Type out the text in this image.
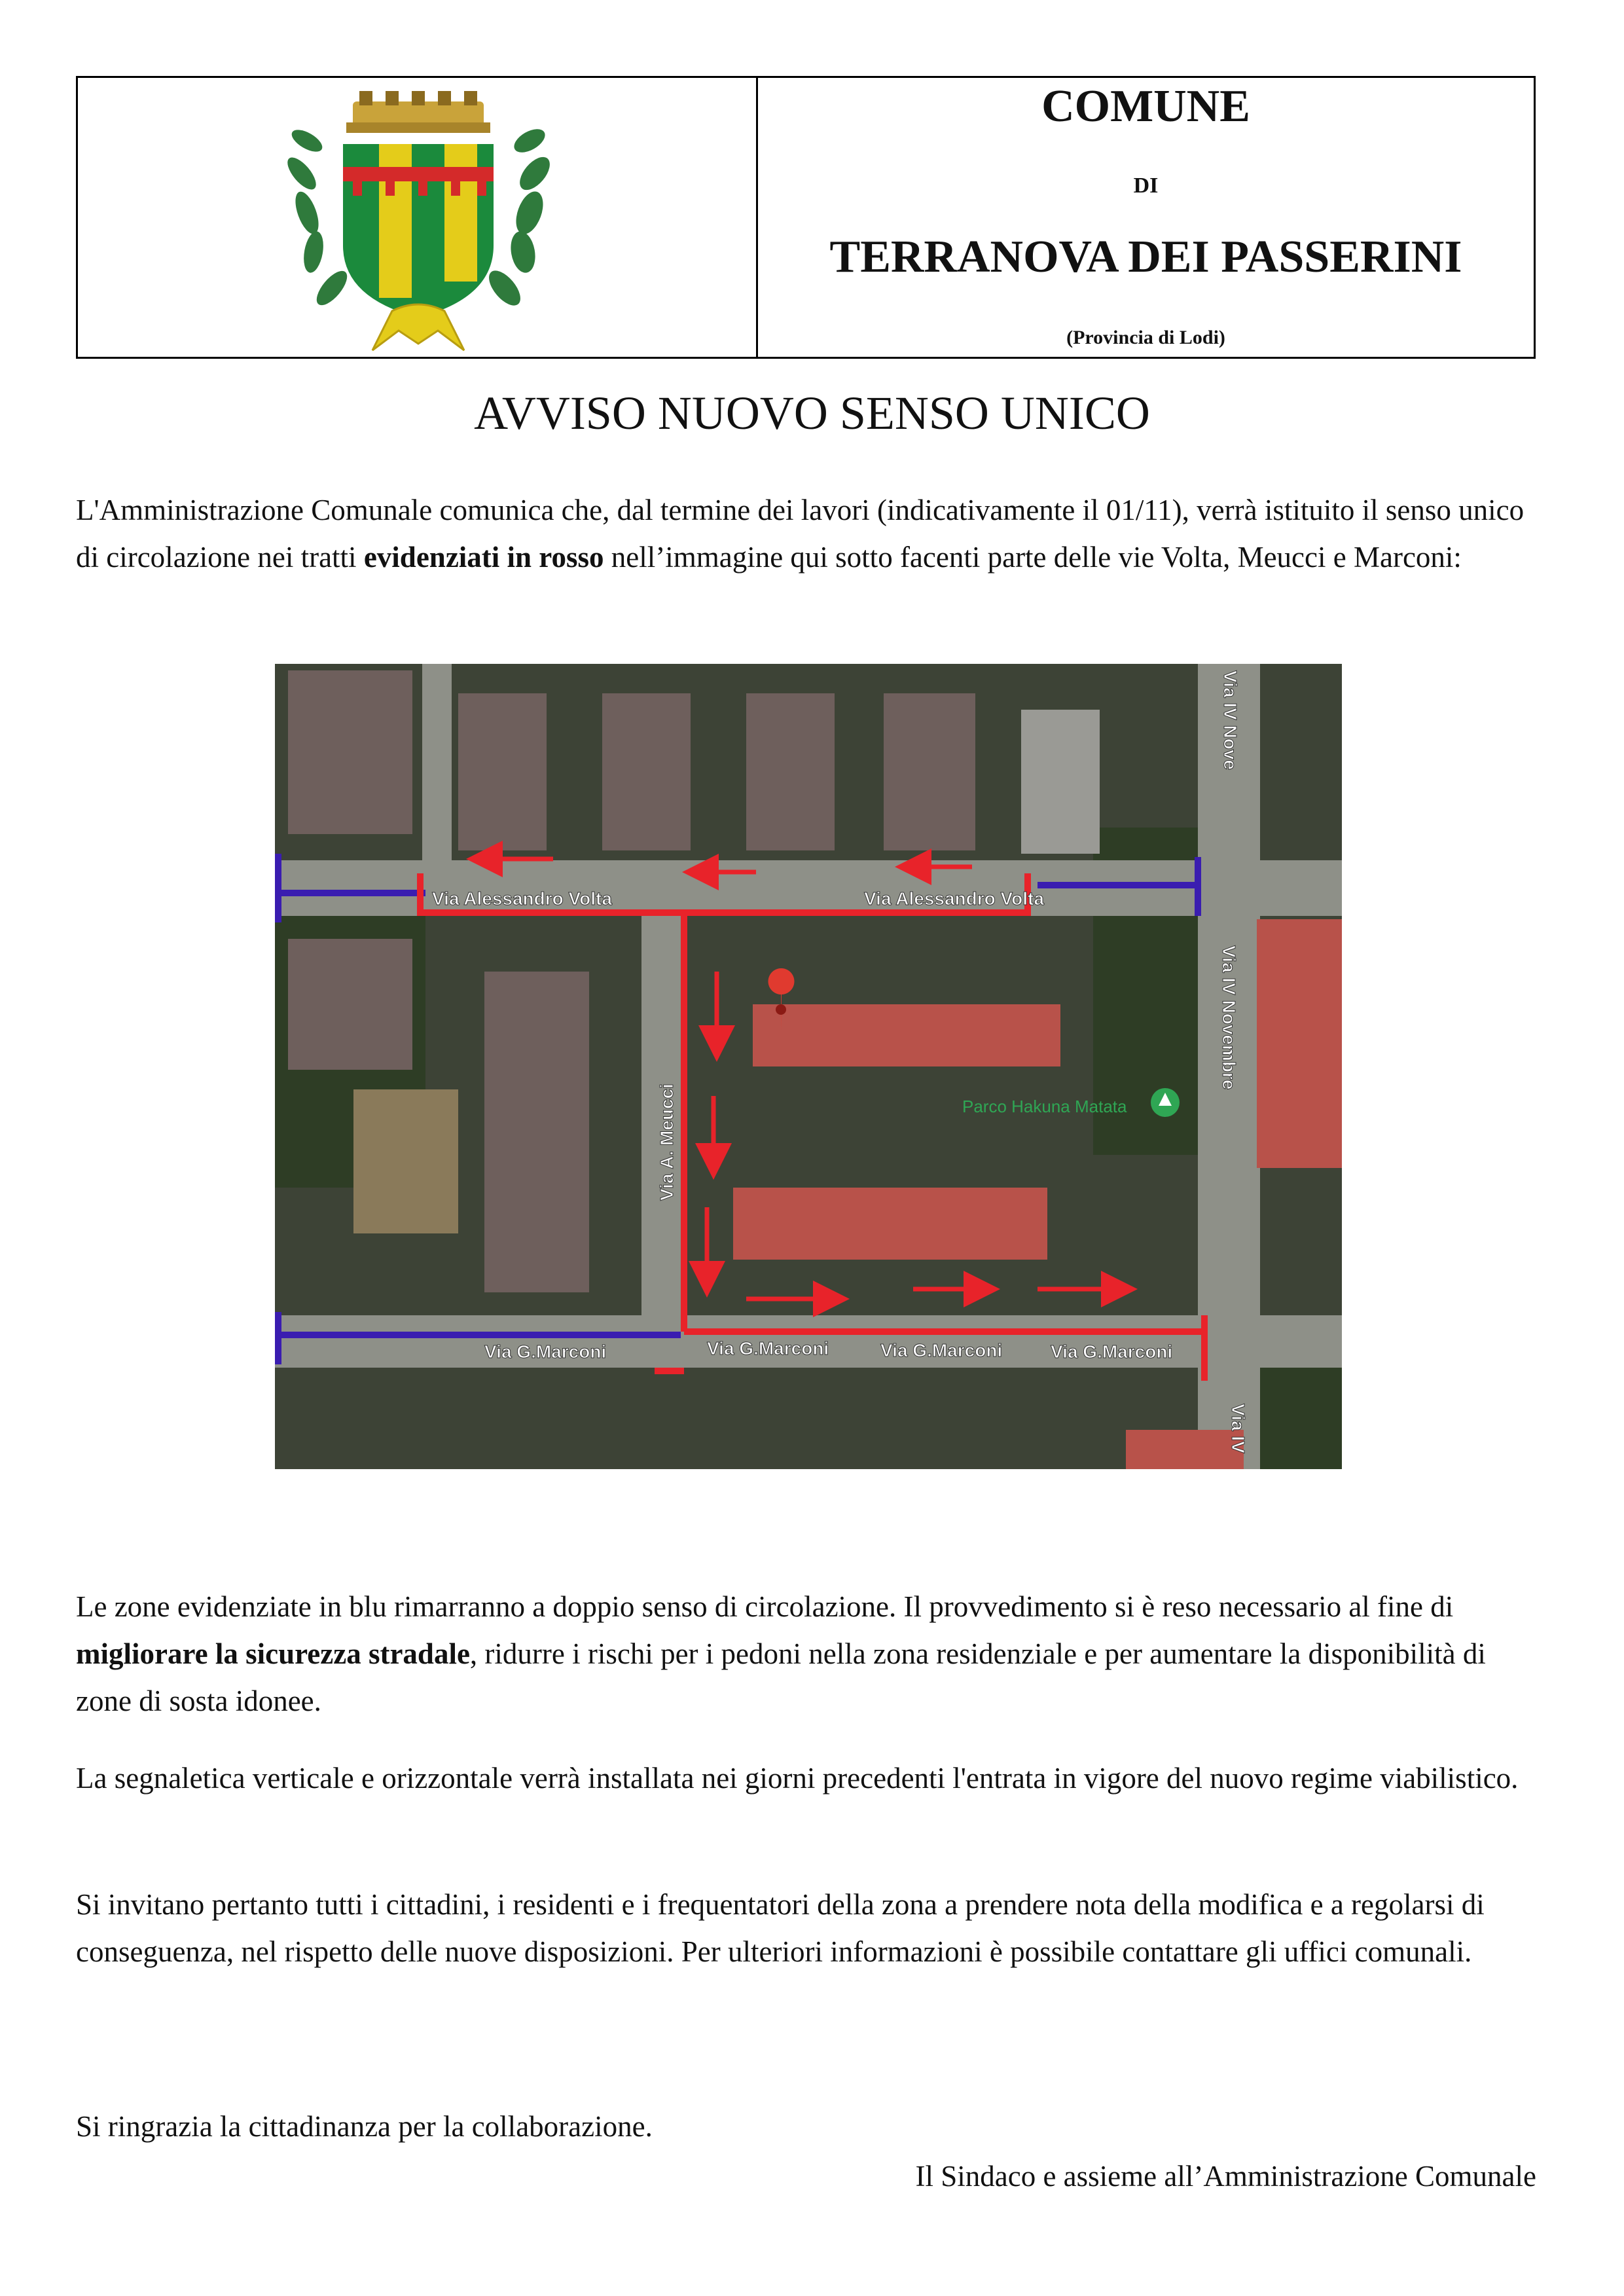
COMUNE
DI
TERRANOVA DEI PASSERINI
(Provincia di Lodi)
AVVISO NUOVO SENSO UNICO
L'Amministrazione Comunale comunica che, dal termine dei lavori (indicativamente il 01/11), verrà istituito il senso unico di circolazione nei tratti evidenziati in rosso nell’immagine qui sotto facenti parte delle vie Volta, Meucci e Marconi:
Via Alessandro Volta	Via Alessandro Volta
Via A. Meucci
Via G.Marconi	Via G.Marconi	Via G.Marconi	Via G.Marconi
Via IV Nove
Via IV Novembre
Via IV
Parco Hakuna Matata
Le zone evidenziate in blu rimarranno a doppio senso di circolazione. Il provvedimento si è reso necessario al fine di migliorare la sicurezza stradale, ridurre i rischi per i pedoni nella zona residenziale e per aumentare la disponibilità di zone di sosta idonee.
La segnaletica verticale e orizzontale verrà installata nei giorni precedenti l'entrata in vigore del nuovo regime viabilistico.
Si invitano pertanto tutti i cittadini, i residenti e i frequentatori della zona a prendere nota della modifica e a regolarsi di conseguenza, nel rispetto delle nuove disposizioni. Per ulteriori informazioni è possibile contattare gli uffici comunali.
Si ringrazia la cittadinanza per la collaborazione.
Il Sindaco e assieme all’Amministrazione Comunale
